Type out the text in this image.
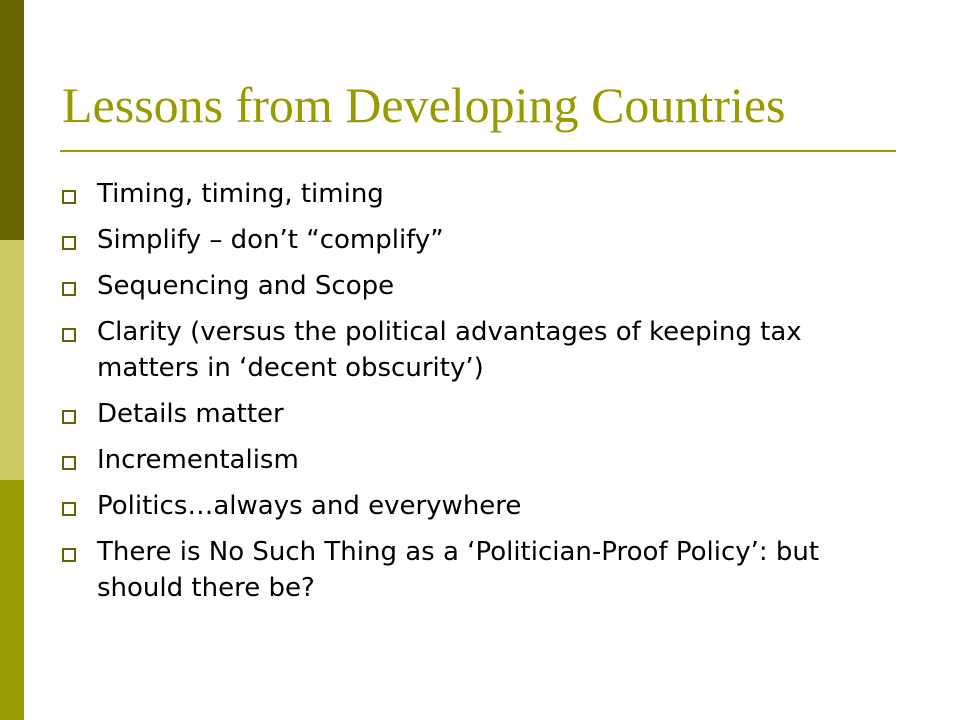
Lessons from Developing Countries
Timing, timing, timing
Simplify – don’t “complify”
Sequencing and Scope
Clarity (versus the political advantages of keeping tax matters in ‘decent obscurity’)
Details matter
Incrementalism
Politics…always and everywhere
There is No Such Thing as a ‘Politician-Proof Policy’: but should there be?
